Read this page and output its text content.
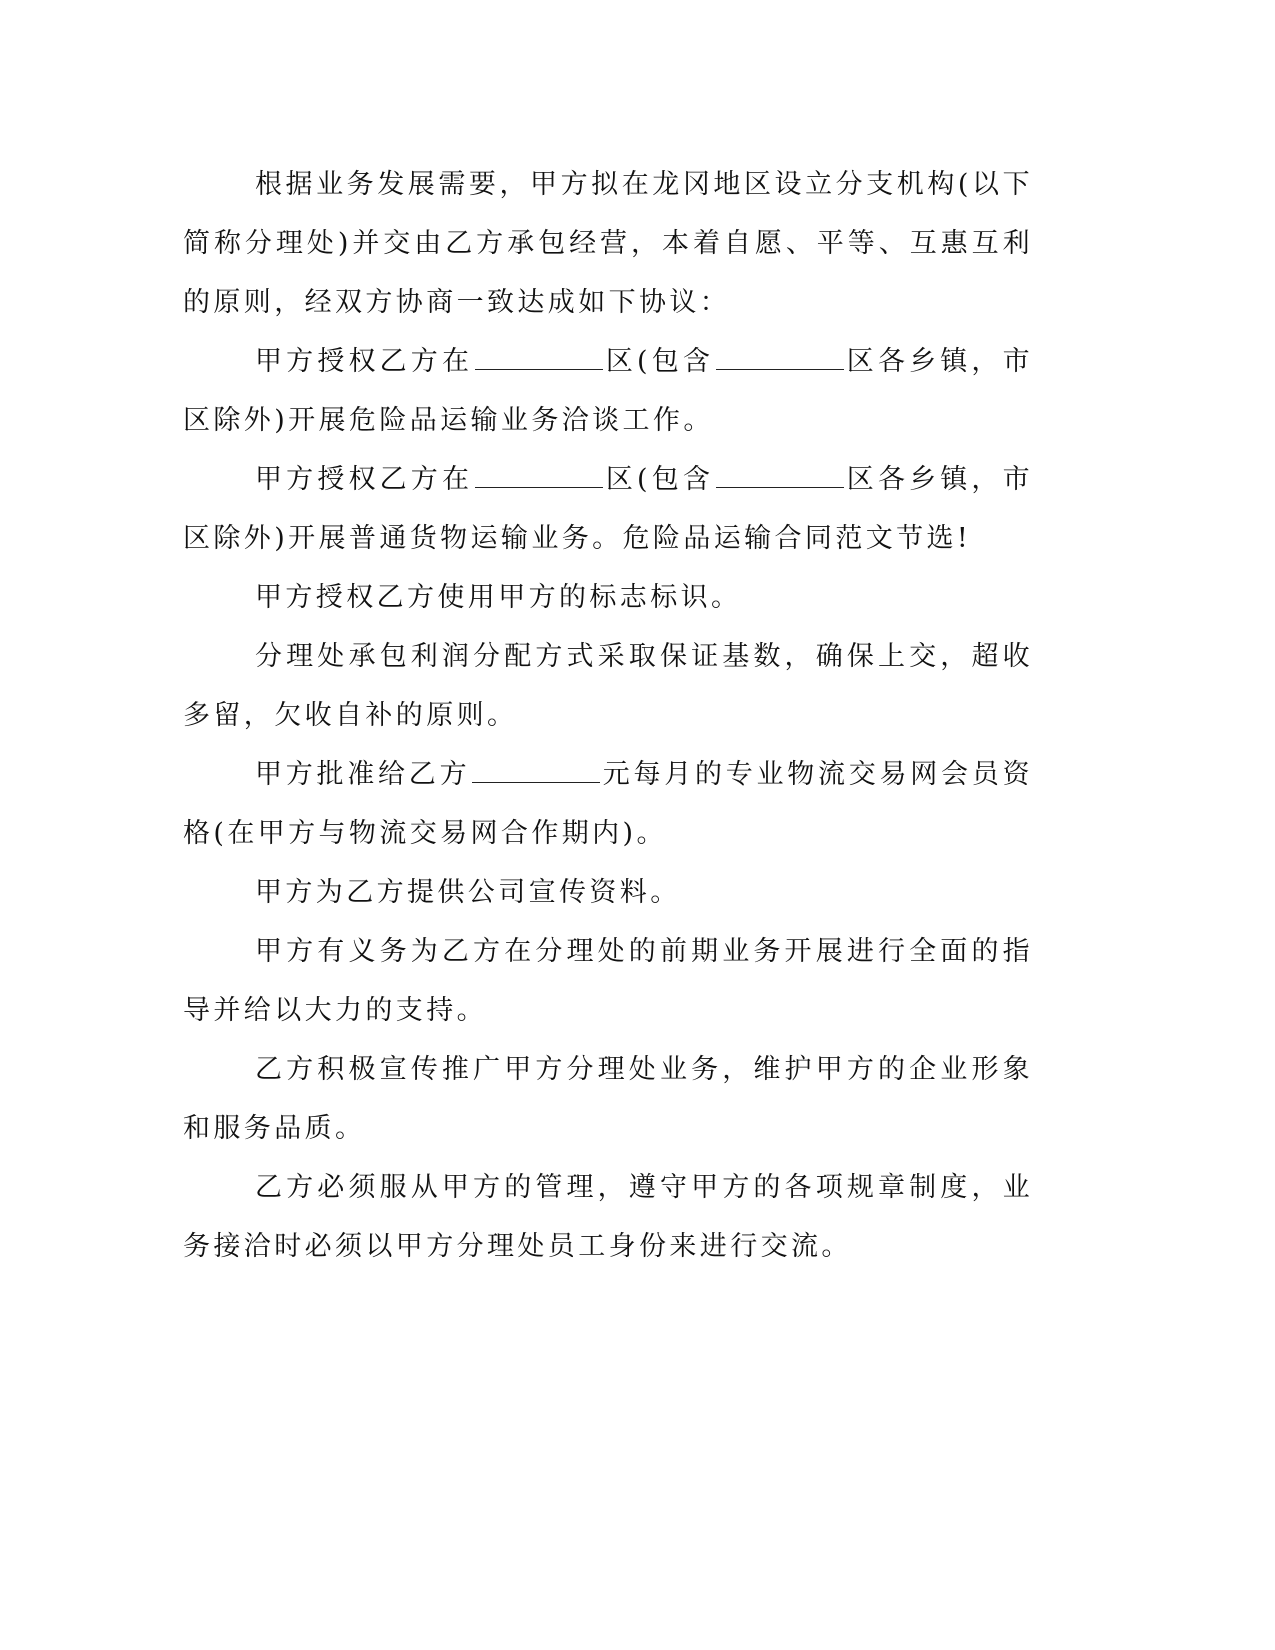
根据业务发展需要，甲方拟在龙冈地区设立分支机构(以下简称分理处)并交由乙方承包经营，本着自愿、平等、互惠互利的原则，经双方协商一致达成如下协议：

甲方授权乙方在	区(包含	区各乡镇，市区除外)开展危险品运输业务洽谈工作。

甲方授权乙方在	区(包含	区各乡镇，市区除外)开展普通货物运输业务。危险品运输合同范文节选!

甲方授权乙方使用甲方的标志标识。

分理处承包利润分配方式采取保证基数，确保上交，超收多留，欠收自补的原则。

甲方批准给乙方	元每月的专业物流交易网会员资格(在甲方与物流交易网合作期内)。

甲方为乙方提供公司宣传资料。

甲方有义务为乙方在分理处的前期业务开展进行全面的指导并给以大力的支持。

乙方积极宣传推广甲方分理处业务，维护甲方的企业形象和服务品质。

乙方必须服从甲方的管理，遵守甲方的各项规章制度，业务接洽时必须以甲方分理处员工身份来进行交流。
